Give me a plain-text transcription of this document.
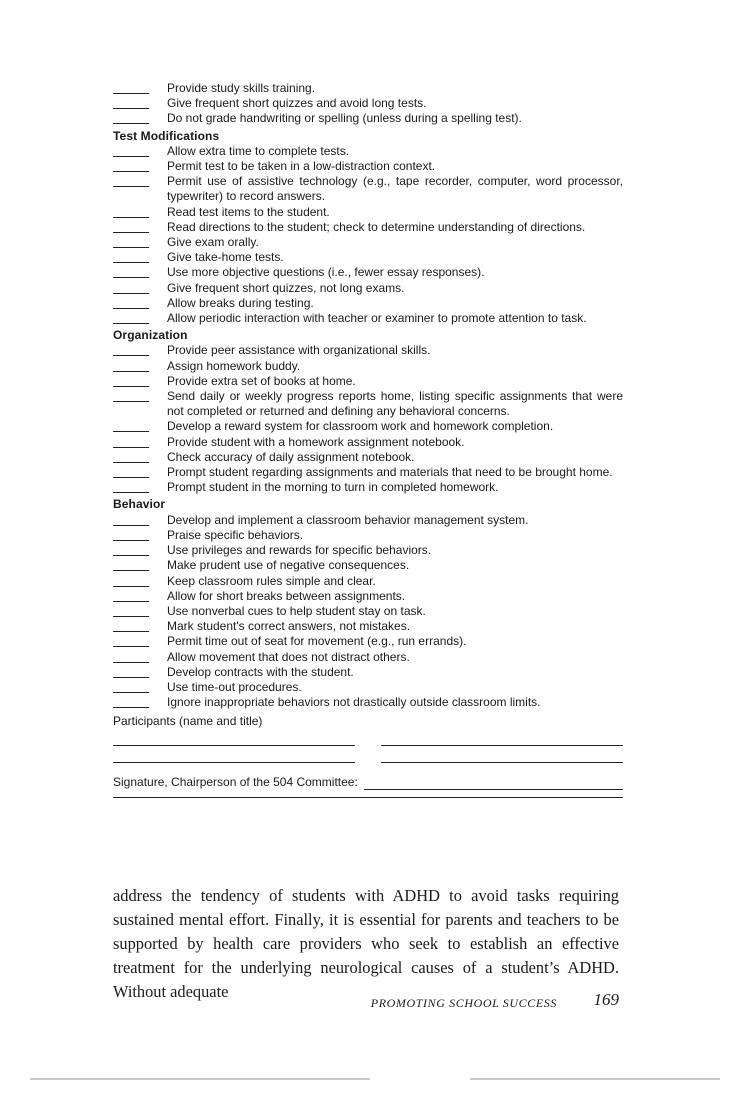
Provide study skills training.
Give frequent short quizzes and avoid long tests.
Do not grade handwriting or spelling (unless during a spelling test).
Test Modifications
Allow extra time to complete tests.
Permit test to be taken in a low-distraction context.
Permit use of assistive technology (e.g., tape recorder, computer, word processor, typewriter) to record answers.
Read test items to the student.
Read directions to the student; check to determine understanding of directions.
Give exam orally.
Give take-home tests.
Use more objective questions (i.e., fewer essay responses).
Give frequent short quizzes, not long exams.
Allow breaks during testing.
Allow periodic interaction with teacher or examiner to promote attention to task.
Organization
Provide peer assistance with organizational skills.
Assign homework buddy.
Provide extra set of books at home.
Send daily or weekly progress reports home, listing specific assignments that were not completed or returned and defining any behavioral concerns.
Develop a reward system for classroom work and homework completion.
Provide student with a homework assignment notebook.
Check accuracy of daily assignment notebook.
Prompt student regarding assignments and materials that need to be brought home.
Prompt student in the morning to turn in completed homework.
Behavior
Develop and implement a classroom behavior management system.
Praise specific behaviors.
Use privileges and rewards for specific behaviors.
Make prudent use of negative consequences.
Keep classroom rules simple and clear.
Allow for short breaks between assignments.
Use nonverbal cues to help student stay on task.
Mark student's correct answers, not mistakes.
Permit time out of seat for movement (e.g., run errands).
Allow movement that does not distract others.
Develop contracts with the student.
Use time-out procedures.
Ignore inappropriate behaviors not drastically outside classroom limits.
Participants (name and title)
Signature, Chairperson of the 504 Committee:

address the tendency of students with ADHD to avoid tasks requiring sustained mental effort. Finally, it is essential for parents and teachers to be supported by health care providers who seek to establish an effective treatment for the underlying neurological causes of a student’s ADHD. Without adequate

PROMOTING SCHOOL SUCCESS 169
